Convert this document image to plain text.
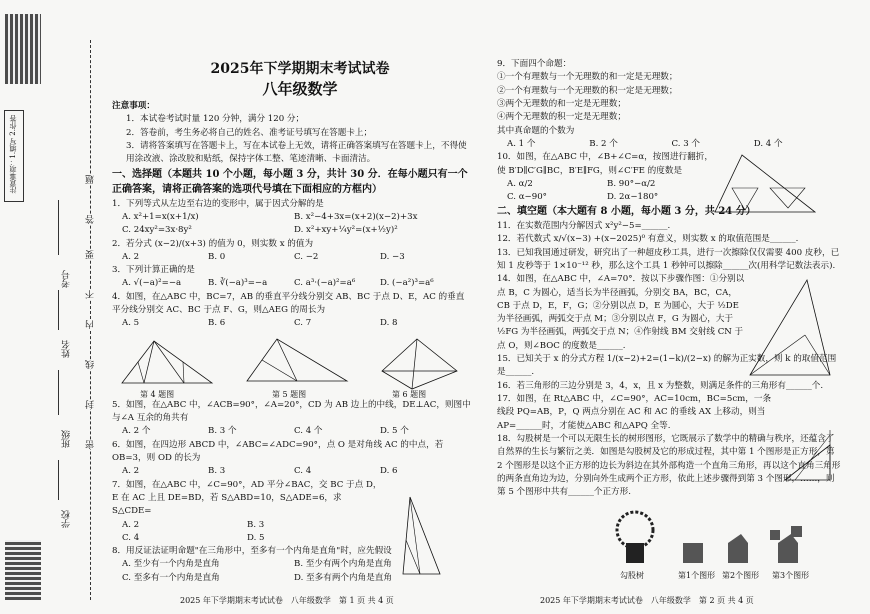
注意事项：1.填写 2.作答
学校
班级
姓名
考号
密
封
线
内
不
要
答
题
2025年下学期期末考试试卷
八年级数学

注意事项：

1．本试卷考试时量 120 分钟，满分 120 分；

2．答卷前，考生务必将自己的姓名、准考证号填写在答题卡上；

3．请将答案填写在答题卡上，写在本试卷上无效，请将正确答案填写在答题卡上，不得使用涂改液、涂改胶和贴纸，保持字体工整、笔迹清晰、卡面清洁。

一、选择题（本题共 10 个小题，每小题 3 分，共计 30 分．在每小题只有一个正确答案，请将正确答案的选项代号填在下面相应的方框内）

1．下列等式从左边至右边的变形中，属于因式分解的是

A. x²+1=x(x+1/x)	B. x²−4+3x=(x+2)(x−2)+3x
C. 24xy²=3x·8y²	D. x²+xy+¼y²=(x+½y)²

2．若分式 (x−2)/(x+3) 的值为 0，则实数 x 的值为

A. 2	B. 0	C. −2	D. −3

3．下列计算正确的是

A. √(−a)²=−a	B. ∛(−a)³=−a	C. a³·(−a)²=a⁶	D. (−a²)³=a⁶

4．如图，在△ABC 中，BC=7，AB 的垂直平分线分别交 AB、BC 于点 D、E，AC 的垂直平分线分别交 AC、BC 于点 F、G，则△AEG 的周长为

A. 5	B. 6	C. 7	D. 8
第 4 题图	第 5 题图	第 6 题图

5．如图，在△ABC 中，∠ACB=90°，∠A=20°，CD 为 AB 边上的中线，DE⊥AC，则图中与∠A 互余的角共有

A. 2 个	B. 3 个	C. 4 个	D. 5 个

6．如图，在四边形 ABCD 中，∠ABC=∠ADC=90°，点 O 是对角线 AC 的中点，若 OB=3，则 OD 的长为

A. 2	B. 3	C. 4	D. 6

7．如图，在△ABC 中，∠C=90°，AD 平分∠BAC，交 BC 于点 D，E 在 AC 上且 DE=BD，若 S△ABD=10，S△ADE=6，求 S△CDE=

A. 2	B. 3
C. 4	D. 5

8．用反证法证明命题"在三角形中，至多有一个内角是直角"时，应先假设

A. 至少有一个内角是直角	B. 至少有两个内角是直角
C. 至多有一个内角是直角	D. 至多有两个内角是直角

9．下面四个命题：

①一个有理数与一个无理数的和一定是无理数；

②一个有理数与一个无理数的积一定是无理数；

③两个无理数的和一定是无理数；

④两个无理数的积一定是无理数；

其中真命题的个数为

A. 1 个	B. 2 个	C. 3 个	D. 4 个

10．如图，在△ABC 中，∠B+∠C=α，按图进行翻折，使 B′D∥C′G∥BC，B′E∥FG，则∠C′FE 的度数是

A. α/2	B. 90°−α/2
C. α−90°	D. 2α−180°

二、填空题（本大题有 8 小题，每小题 3 分，共 24 分）

11．在实数范围内分解因式 x²y²−5=______.

12．若代数式 x/√(x−3) +(x−2025)⁰ 有意义，则实数 x 的取值范围是______.

13．已知我国通过研发，研究出了一种超皮秒工具，进行一次擦除仅仅需要 400 皮秒，已知 1 皮秒等于 1×10⁻¹² 秒，那么这个工具 1 秒钟可以擦除______次(用科学记数法表示).

14．如图，在△ABC 中，∠A=70°．按以下步骤作图：①分别以点 B，C 为圆心，适当长为半径画弧，分别交 BA，BC，CA，CB 于点 D，E，F，G；②分别以点 D，E 为圆心，大于 ½DE 为半径画弧，两弧交于点 M；③分别以点 F，G 为圆心，大于 ½FG 为半径画弧，两弧交于点 N；④作射线 BM 交射线 CN 于点 O，则∠BOC 的度数是______.

15．已知关于 x 的分式方程 1/(x−2)+2=(1−k)/(2−x) 的解为正实数，则 k 的取值范围是______.

16．若三角形的三边分别是 3，4，x，且 x 为整数，则满足条件的三角形有______个.

17．如图，在 Rt△ABC 中，∠C=90°，AC=10cm，BC=5cm，一条线段 PQ=AB，P，Q 两点分别在 AC 和 AC 的垂线 AX 上移动，则当 AP=______时，才能使△ABC 和△APQ 全等.

18．勾股树是一个可以无限生长的树形图形，它既展示了数学中的精确与秩序，还蕴含了自然界的生长与繁衍之美．如图是勾股树及它的形成过程，其中第 1 个图形是正方形，第 2 个图形是以这个正方形的边长为斜边在其外部构造一个直角三角形，再以这个直角三角形的两条直角边为边，分别向外生成两个正方形，依此上述步骤得到第 3 个图形，……，则第 5 个图形中共有______个正方形.

勾股树	第1个图形 第2个图形 第3个图形
2025 年下学期期末考试试卷　八年级数学　第 1 页 共 4 页	2025 年下学期期末考试试卷　八年级数学　第 2 页 共 4 页
